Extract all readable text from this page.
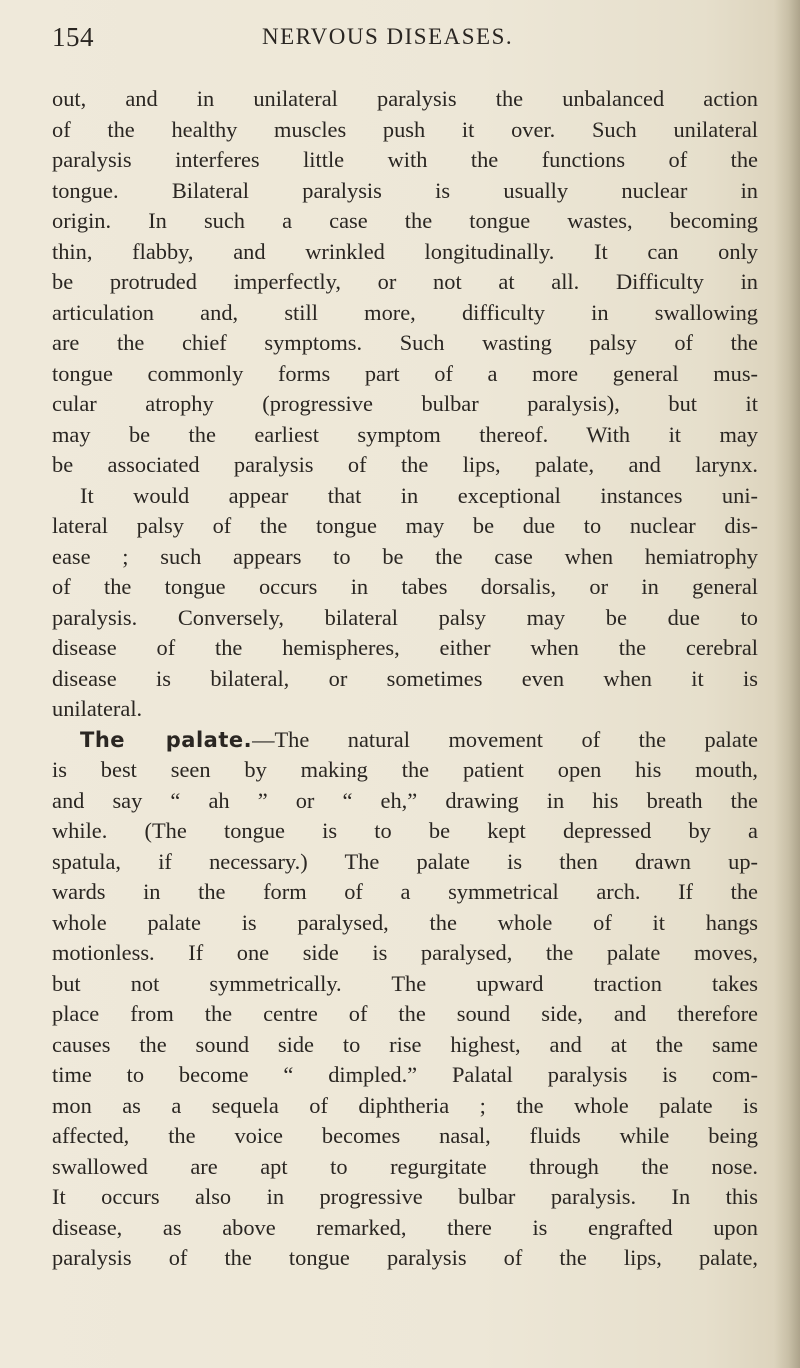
154	NERVOUS DISEASES.
out, and in unilateral paralysis the unbalanced action
of the healthy muscles push it over. Such unilateral
paralysis interferes little with the functions of the
tongue. Bilateral paralysis is usually nuclear in
origin. In such a case the tongue wastes, becoming
thin, flabby, and wrinkled longitudinally. It can only
be protruded imperfectly, or not at all. Difficulty in
articulation and, still more, difficulty in swallowing
are the chief symptoms. Such wasting palsy of the
tongue commonly forms part of a more general mus-
cular atrophy (progressive bulbar paralysis), but it
may be the earliest symptom thereof. With it may
be associated paralysis of the lips, palate, and larynx.
It would appear that in exceptional instances uni-
lateral palsy of the tongue may be due to nuclear dis-
ease ; such appears to be the case when hemiatrophy
of the tongue occurs in tabes dorsalis, or in general
paralysis. Conversely, bilateral palsy may be due to
disease of the hemispheres, either when the cerebral
disease is bilateral, or sometimes even when it is
unilateral.
The palate.—The natural movement of the palate
is best seen by making the patient open his mouth,
and say “ ah ” or “ eh,” drawing in his breath the
while. (The tongue is to be kept depressed by a
spatula, if necessary.) The palate is then drawn up-
wards in the form of a symmetrical arch. If the
whole palate is paralysed, the whole of it hangs
motionless. If one side is paralysed, the palate moves,
but not symmetrically. The upward traction takes
place from the centre of the sound side, and therefore
causes the sound side to rise highest, and at the same
time to become “ dimpled.” Palatal paralysis is com-
mon as a sequela of diphtheria ; the whole palate is
affected, the voice becomes nasal, fluids while being
swallowed are apt to regurgitate through the nose.
It occurs also in progressive bulbar paralysis. In this
disease, as above remarked, there is engrafted upon
paralysis of the tongue paralysis of the lips, palate,
